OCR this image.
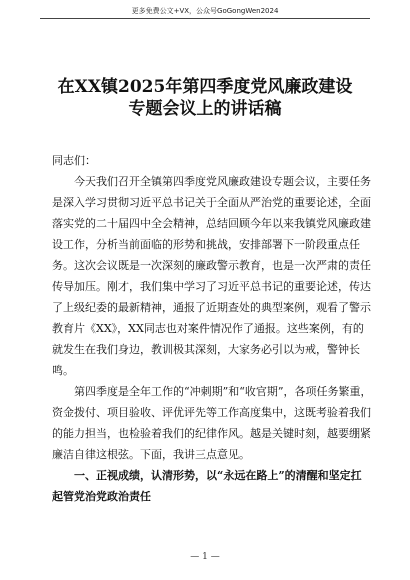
更多免费公文+VX，公众号GoGongWen2024
在XX镇2025年第四季度党风廉政建设
专题会议上的讲话稿

同志们：

今天我们召开全镇第四季度党风廉政建设专题会议，主要任务是深入学习贯彻习近平总书记关于全面从严治党的重要论述，全面落实党的二十届四中全会精神，总结回顾今年以来我镇党风廉政建设工作，分析当前面临的形势和挑战，安排部署下一阶段重点任务。这次会议既是一次深刻的廉政警示教育，也是一次严肃的责任传导加压。刚才，我们集中学习了习近平总书记的重要论述，传达了上级纪委的最新精神，通报了近期查处的典型案例，观看了警示教育片《XX》，XX同志也对案件情况作了通报。这些案例，有的就发生在我们身边，教训极其深刻，大家务必引以为戒，警钟长鸣。

第四季度是全年工作的“冲刺期”和“收官期”，各项任务繁重，资金拨付、项目验收、评优评先等工作高度集中，这既考验着我们的能力担当，也检验着我们的纪律作风。越是关键时刻，越要绷紧廉洁自律这根弦。下面，我讲三点意见。

一、正视成绩，认清形势，以“永远在路上”的清醒和坚定扛起管党治党政治责任

— 1 —
